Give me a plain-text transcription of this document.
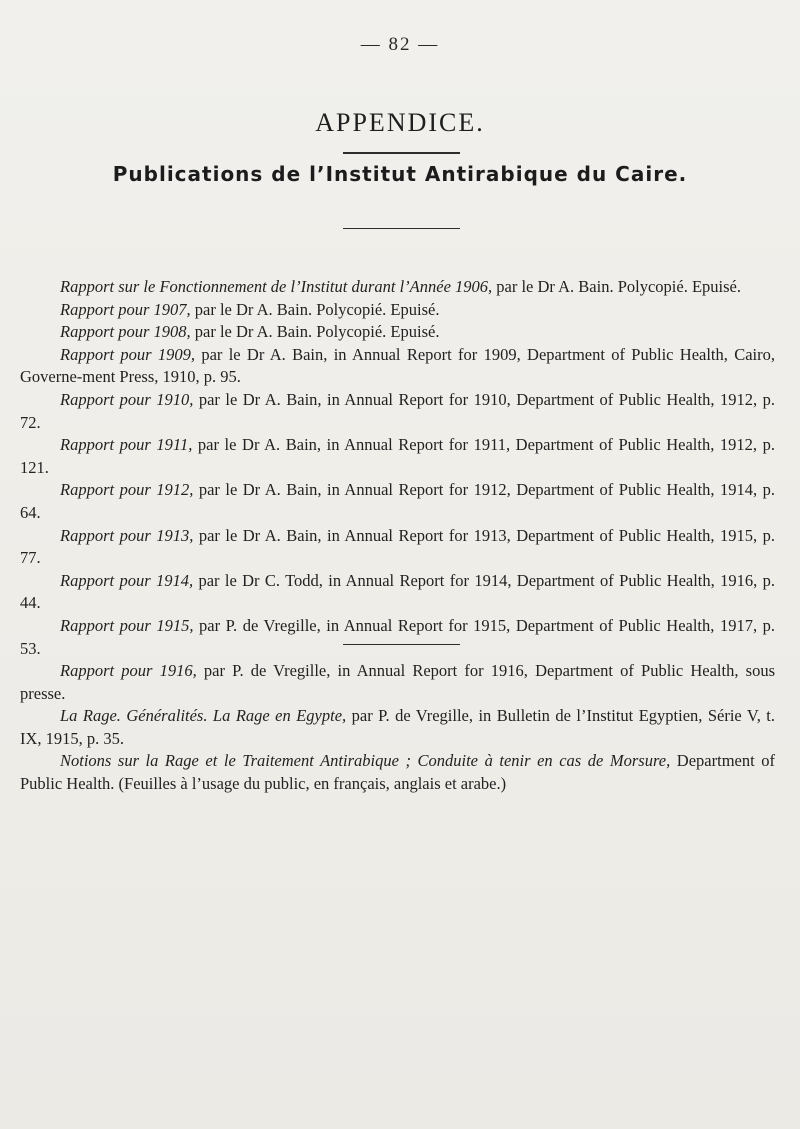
— 82 —
APPENDICE.
Publications de l’Institut Antirabique du Caire.

Rapport sur le Fonctionnement de l’Institut durant l’Année 1906, par le Dr A. Bain. Polycopié. Epuisé.

Rapport pour 1907, par le Dr A. Bain. Polycopié. Epuisé.

Rapport pour 1908, par le Dr A. Bain. Polycopié. Epuisé.

Rapport pour 1909, par le Dr A. Bain, in Annual Report for 1909, Department of Public Health, Cairo, Governe-ment Press, 1910, p. 95.

Rapport pour 1910, par le Dr A. Bain, in Annual Report for 1910, Department of Public Health, 1912, p. 72.

Rapport pour 1911, par le Dr A. Bain, in Annual Report for 1911, Department of Public Health, 1912, p. 121.

Rapport pour 1912, par le Dr A. Bain, in Annual Report for 1912, Department of Public Health, 1914, p. 64.

Rapport pour 1913, par le Dr A. Bain, in Annual Report for 1913, Department of Public Health, 1915, p. 77.

Rapport pour 1914, par le Dr C. Todd, in Annual Report for 1914, Department of Public Health, 1916, p. 44.

Rapport pour 1915, par P. de Vregille, in Annual Report for 1915, Department of Public Health, 1917, p. 53.

Rapport pour 1916, par P. de Vregille, in Annual Report for 1916, Department of Public Health, sous presse.

La Rage. Généralités. La Rage en Egypte, par P. de Vregille, in Bulletin de l’Institut Egyptien, Série V, t. IX, 1915, p. 35.

Notions sur la Rage et le Traitement Antirabique ; Conduite à tenir en cas de Morsure, Department of Public Health. (Feuilles à l’usage du public, en français, anglais et arabe.)
